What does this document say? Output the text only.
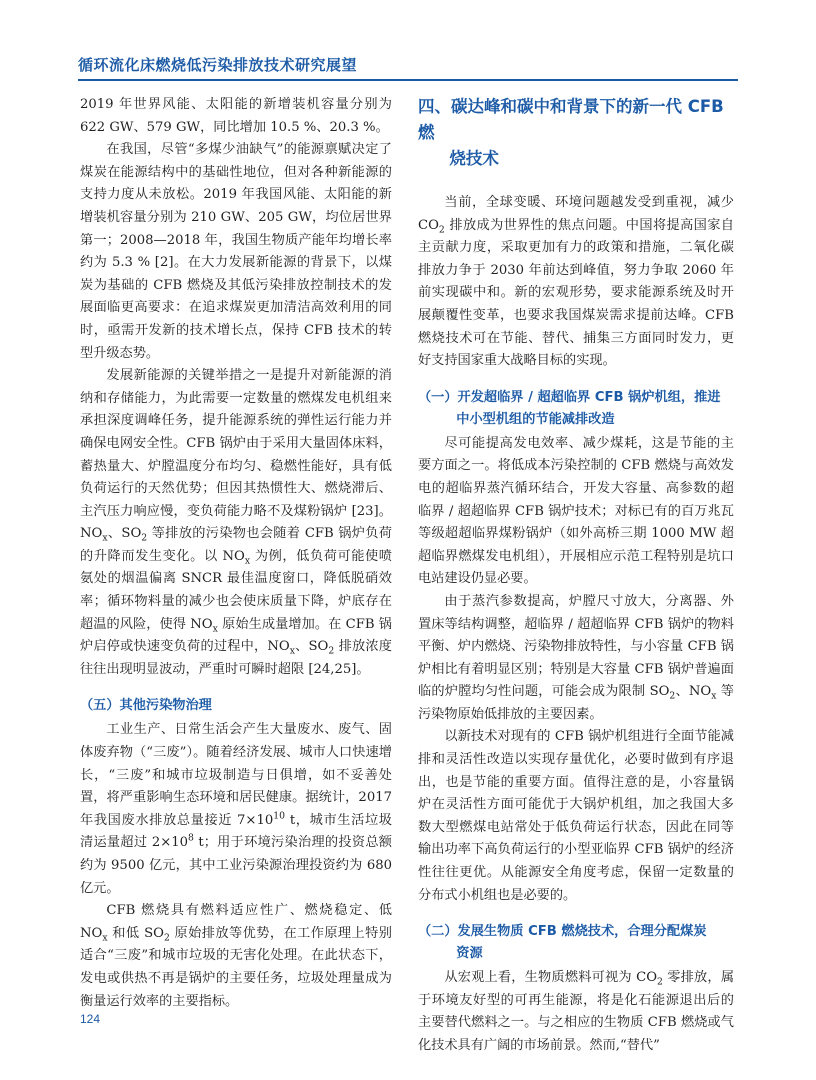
循环流化床燃烧低污染排放技术研究展望

2019 年世界风能、太阳能的新增装机容量分别为 622 GW、579 GW，同比增加 10.5 %、20.3 %。

在我国，尽管“多煤少油缺气”的能源禀赋决定了煤炭在能源结构中的基础性地位，但对各种新能源的支持力度从未放松。2019 年我国风能、太阳能的新增装机容量分别为 210 GW、205 GW，均位居世界第一；2008—2018 年，我国生物质产能年均增长率约为 5.3 % [2]。在大力发展新能源的背景下，以煤炭为基础的 CFB 燃烧及其低污染排放控制技术的发展面临更高要求：在追求煤炭更加清洁高效利用的同时，亟需开发新的技术增长点，保持 CFB 技术的转型升级态势。

发展新能源的关键举措之一是提升对新能源的消纳和存储能力，为此需要一定数量的燃煤发电机组来承担深度调峰任务，提升能源系统的弹性运行能力并确保电网安全性。CFB 锅炉由于采用大量固体床料，蓄热量大、炉膛温度分布均匀、稳燃性能好，具有低负荷运行的天然优势；但因其热惯性大、燃烧滞后、主汽压力响应慢，变负荷能力略不及煤粉锅炉 [23]。$NO_x$、$SO_2$ 等排放的污染物也会随着 CFB 锅炉负荷的升降而发生变化。以 $NO_x$ 为例，低负荷可能使喷氨处的烟温偏离 SNCR 最佳温度窗口，降低脱硝效率；循环物料量的减少也会使床质量下降，炉底存在超温的风险，使得 $NO_x$ 原始生成量增加。在 CFB 锅炉启停或快速变负荷的过程中，$NO_x$、$SO_2$ 排放浓度往往出现明显波动，严重时可瞬时超限 [24,25]。

（五）其他污染物治理

工业生产、日常生活会产生大量废水、废气、固体废弃物（“三废”）。随着经济发展、城市人口快速增长，“三废”和城市垃圾制造与日俱增，如不妥善处置，将严重影响生态环境和居民健康。据统计，2017 年我国废水排放总量接近 $7\times 10^{10}$ t，城市生活垃圾清运量超过 $2\times 10^8$ t；用于环境污染治理的投资总额约为 9500 亿元，其中工业污染源治理投资约为 680 亿元。

CFB 燃烧具有燃料适应性广、燃烧稳定、低 $NO_x$ 和低 $SO_2$ 原始排放等优势，在工作原理上特别适合“三废”和城市垃圾的无害化处理。在此状态下，发电或供热不再是锅炉的主要任务，垃圾处理量成为衡量运行效率的主要指标。

四、碳达峰和碳中和背景下的新一代 CFB 燃
烧技术

当前，全球变暖、环境问题越发受到重视，减少 $CO_2$ 排放成为世界性的焦点问题。中国将提高国家自主贡献力度，采取更加有力的政策和措施，二氧化碳排放力争于 2030 年前达到峰值，努力争取 2060 年前实现碳中和。新的宏观形势，要求能源系统及时开展颠覆性变革，也要求我国煤炭需求提前达峰。CFB 燃烧技术可在节能、替代、捕集三方面同时发力，更好支持国家重大战略目标的实现。

（一）开发超临界 / 超超临界 CFB 锅炉机组，推进
中小型机组的节能减排改造

尽可能提高发电效率、减少煤耗，这是节能的主要方面之一。将低成本污染控制的 CFB 燃烧与高效发电的超临界蒸汽循环结合，开发大容量、高参数的超临界 / 超超临界 CFB 锅炉技术；对标已有的百万兆瓦等级超超临界煤粉锅炉（如外高桥三期 1000 MW 超超临界燃煤发电机组），开展相应示范工程特别是坑口电站建设仍显必要。

由于蒸汽参数提高，炉膛尺寸放大，分离器、外置床等结构调整，超临界 / 超超临界 CFB 锅炉的物料平衡、炉内燃烧、污染物排放特性，与小容量 CFB 锅炉相比有着明显区别；特别是大容量 CFB 锅炉普遍面临的炉膛均匀性问题，可能会成为限制 $SO_2$、$NO_x$ 等污染物原始低排放的主要因素。

以新技术对现有的 CFB 锅炉机组进行全面节能减排和灵活性改造以实现存量优化，必要时做到有序退出，也是节能的重要方面。值得注意的是，小容量锅炉在灵活性方面可能优于大锅炉机组，加之我国大多数大型燃煤电站常处于低负荷运行状态，因此在同等输出功率下高负荷运行的小型亚临界 CFB 锅炉的经济性往往更优。从能源安全角度考虑，保留一定数量的分布式小机组也是必要的。

（二）发展生物质 CFB 燃烧技术，合理分配煤炭
资源

从宏观上看，生物质燃料可视为 $CO_2$ 零排放，属于环境友好型的可再生能源，将是化石能源退出后的主要替代燃料之一。与之相应的生物质 CFB 燃烧或气化技术具有广阔的市场前景。然而,“替代”

124
